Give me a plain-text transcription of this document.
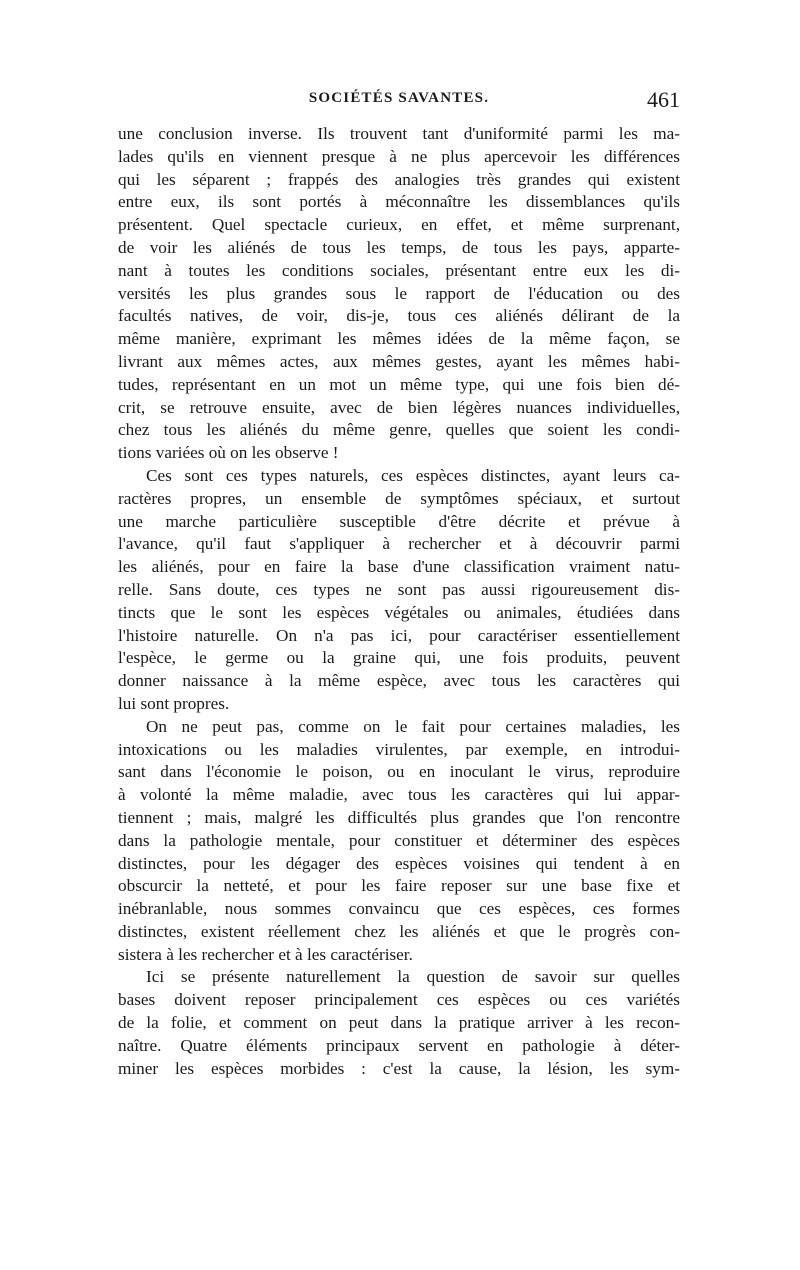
SOCIÉTÉS SAVANTES.	461
une conclusion inverse. Ils trouvent tant d'uniformité parmi les ma-
lades qu'ils en viennent presque à ne plus apercevoir les différences
qui les séparent ; frappés des analogies très grandes qui existent
entre eux, ils sont portés à méconnaître les dissemblances qu'ils
présentent. Quel spectacle curieux, en effet, et même surprenant,
de voir les aliénés de tous les temps, de tous les pays, apparte-
nant à toutes les conditions sociales, présentant entre eux les di-
versités les plus grandes sous le rapport de l'éducation ou des
facultés natives, de voir, dis-je, tous ces aliénés délirant de la
même manière, exprimant les mêmes idées de la même façon, se
livrant aux mêmes actes, aux mêmes gestes, ayant les mêmes habi-
tudes, représentant en un mot un même type, qui une fois bien dé-
crit, se retrouve ensuite, avec de bien légères nuances individuelles,
chez tous les aliénés du même genre, quelles que soient les condi-
tions variées où on les observe !
Ces sont ces types naturels, ces espèces distinctes, ayant leurs ca-
ractères propres, un ensemble de symptômes spéciaux, et surtout
une marche particulière susceptible d'être décrite et prévue à
l'avance, qu'il faut s'appliquer à rechercher et à découvrir parmi
les aliénés, pour en faire la base d'une classification vraiment natu-
relle. Sans doute, ces types ne sont pas aussi rigoureusement dis-
tincts que le sont les espèces végétales ou animales, étudiées dans
l'histoire naturelle. On n'a pas ici, pour caractériser essentiellement
l'espèce, le germe ou la graine qui, une fois produits, peuvent
donner naissance à la même espèce, avec tous les caractères qui
lui sont propres.
On ne peut pas, comme on le fait pour certaines maladies, les
intoxications ou les maladies virulentes, par exemple, en introdui-
sant dans l'économie le poison, ou en inoculant le virus, reproduire
à volonté la même maladie, avec tous les caractères qui lui appar-
tiennent ; mais, malgré les difficultés plus grandes que l'on rencontre
dans la pathologie mentale, pour constituer et déterminer des espèces
distinctes, pour les dégager des espèces voisines qui tendent à en
obscurcir la netteté, et pour les faire reposer sur une base fixe et
inébranlable, nous sommes convaincu que ces espèces, ces formes
distinctes, existent réellement chez les aliénés et que le progrès con-
sistera à les rechercher et à les caractériser.
Ici se présente naturellement la question de savoir sur quelles
bases doivent reposer principalement ces espèces ou ces variétés
de la folie, et comment on peut dans la pratique arriver à les recon-
naître. Quatre éléments principaux servent en pathologie à déter-
miner les espèces morbides : c'est la cause, la lésion, les sym-
